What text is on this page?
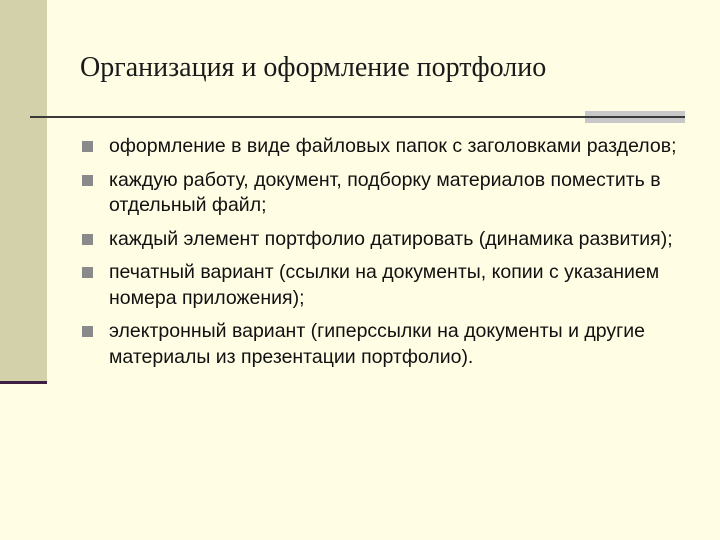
Организация и оформление портфолио
оформление в виде файловых папок с заголовками разделов;
каждую работу, документ, подборку материалов поместить в отдельный файл;
каждый элемент портфолио датировать (динамика развития);
печатный вариант (ссылки на документы, копии с указанием номера приложения);
электронный вариант (гиперссылки на документы и другие материалы из презентации портфолио).
